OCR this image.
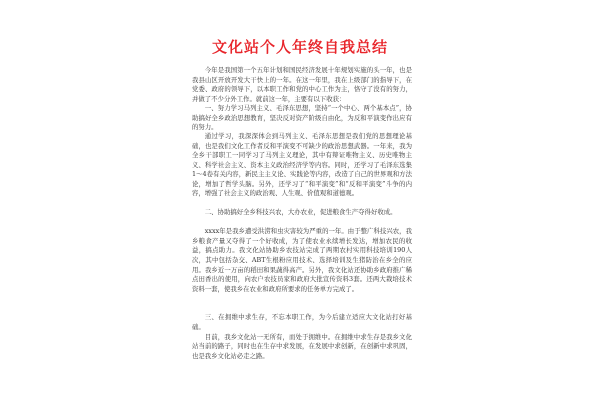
文化站个人年终自我总结

今年是我国第一个五年计划和国民经济发展十年规划实施的头一年，也是我县山区开放开发大干快上的一年。在这一年里，我在上级部门的指导下，在党委、政府的领导下，以本职工作和党的中心工作为主，恪守了没有的努力，并做了不少分外工作。就前这一年，主要有以下收获：

一、努力学习马列主义、毛泽东思想，坚持“一个中心、两个基本点”，协助搞好全乡政治思想教育，坚决反对资产阶级自由化，为反和平演变作出应有的努力。

通过学习，我深深体会到马列主义、毛泽东思想是我们党的思想理论基础，也是我们文化工作者反和平演变不可缺少的政治思想武器。一年来，我为全乡干部职工一同学习了马列主义理论，其中有辩证唯物主义、历史唯物主义、科学社会主义、资本主义政治经济学等内容。同时，还学习了毛泽东选集1～4卷有关内容，新民主主义论、实践论等内容，改造了自己的世界观和方法论，增加了哲学头脑。另外，还学习了“和平演变”和“反和平演变”斗争的内容，增强了社会主义的政治观、人生观、价值观和道德观。

二、协助搞好全乡科技兴农，大办农业，促进粮食生产夺得好收成。

xxxx年是我乡遭受洪涝和虫灾害较为严重的一年。由于整广科技兴农，我乡粮食产量又夺得了一个好收成，为了使农业永续增长发达，增加农民的收益，搞点助力。我文化站协助乡农技站完成了两期农村实用科技培训190人次，其中包括杂交、ABT生根粉应用技术、选择培训及生猪防治在乡全的应用。我乡近一万亩的稻田和果蔬得高产。另外，我文化站还协助乡政府推广稀点田香出的使用，向农户农技员家和政府大批宣传资料3套。还两大栽培技术资料一套，使我乡在农业和政府所要求的任务单方完成了。

三、在拥维中求生存，不忘本职工作，为今后建立适应大文化站打好基础。

目前，我乡文化站一无所有，而处于拥维中。在拥维中求生存是我乡文化站当前的路子，同时也在生存中求发展，在发展中求创新，在创新中求巩固，也是我乡文化站必走之路。
